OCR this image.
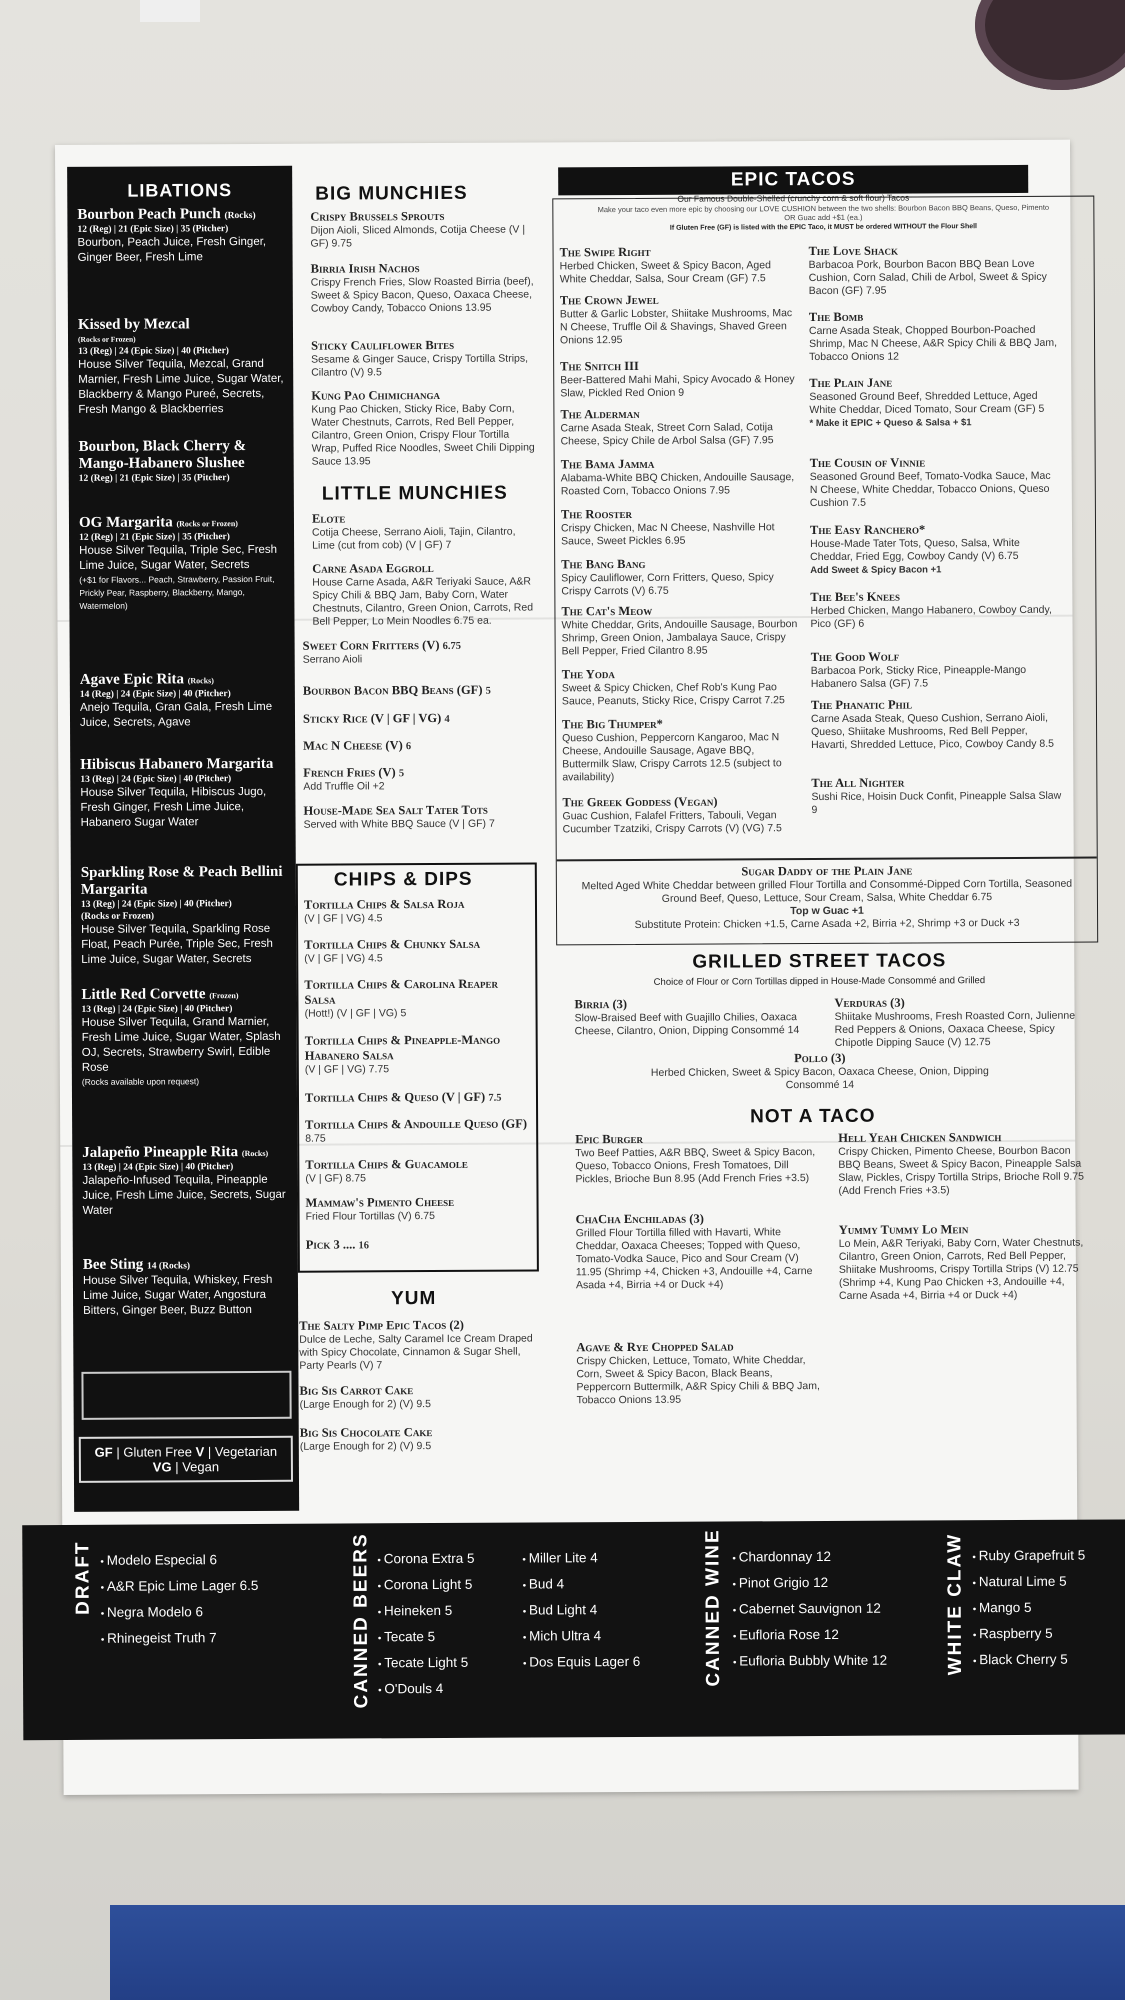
LIBATIONS
Bourbon Peach Punch (Rocks)
12 (Reg) | 21 (Epic Size) | 35 (Pitcher)
Bourbon, Peach Juice, Fresh Ginger, Ginger Beer, Fresh Lime
Kissed by Mezcal
(Rocks or Frozen)
13 (Reg) | 24 (Epic Size) | 40 (Pitcher)
House Silver Tequila, Mezcal, Grand Marnier, Fresh Lime Juice, Sugar Water, Blackberry & Mango Pureé, Secrets, Fresh Mango & Blackberries
Bourbon, Black Cherry & Mango-Habanero Slushee
12 (Reg) | 21 (Epic Size) | 35 (Pitcher)
OG Margarita (Rocks or Frozen)
12 (Reg) | 21 (Epic Size) | 35 (Pitcher)
House Silver Tequila, Triple Sec, Fresh Lime Juice, Sugar Water, Secrets
(+$1 for Flavors... Peach, Strawberry, Passion Fruit, Prickly Pear, Raspberry, Blackberry, Mango, Watermelon)
Agave Epic Rita (Rocks)
14 (Reg) | 24 (Epic Size) | 40 (Pitcher)
Anejo Tequila, Gran Gala, Fresh Lime Juice, Secrets, Agave
Hibiscus Habanero Margarita
13 (Reg) | 24 (Epic Size) | 40 (Pitcher)
House Silver Tequila, Hibiscus Jugo, Fresh Ginger, Fresh Lime Juice, Habanero Sugar Water
Sparkling Rose & Peach Bellini Margarita
13 (Reg) | 24 (Epic Size) | 40 (Pitcher)
(Rocks or Frozen)
House Silver Tequila, Sparkling Rose Float, Peach Purée, Triple Sec, Fresh Lime Juice, Sugar Water, Secrets
Little Red Corvette (Frozen)
13 (Reg) | 24 (Epic Size) | 40 (Pitcher)
House Silver Tequila, Grand Marnier, Fresh Lime Juice, Sugar Water, Splash OJ, Secrets, Strawberry Swirl, Edible Rose
(Rocks available upon request)
Jalapeño Pineapple Rita (Rocks)
13 (Reg) | 24 (Epic Size) | 40 (Pitcher)
Jalapeño-Infused Tequila, Pineapple Juice, Fresh Lime Juice, Secrets, Sugar Water
Bee Sting 14 (Rocks)
House Silver Tequila, Whiskey, Fresh Lime Juice, Sugar Water, Angostura Bitters, Ginger Beer, Buzz Button
GF | Gluten Free V | Vegetarian
VG | Vegan
BIG MUNCHIES
Crispy Brussels Sprouts
Dijon Aioli, Sliced Almonds, Cotija Cheese (V | GF) 9.75
Birria Irish Nachos
Crispy French Fries, Slow Roasted Birria (beef), Sweet & Spicy Bacon, Queso, Oaxaca Cheese, Cowboy Candy, Tobacco Onions 13.95
Sticky Cauliflower Bites
Sesame & Ginger Sauce, Crispy Tortilla Strips, Cilantro (V) 9.5
Kung Pao Chimichanga
Kung Pao Chicken, Sticky Rice, Baby Corn, Water Chestnuts, Carrots, Red Bell Pepper, Cilantro, Green Onion, Crispy Flour Tortilla Wrap, Puffed Rice Noodles, Sweet Chili Dipping Sauce 13.95
LITTLE MUNCHIES
Elote
Cotija Cheese, Serrano Aioli, Tajin, Cilantro, Lime (cut from cob) (V | GF) 7
Carne Asada Eggroll
House Carne Asada, A&R Teriyaki Sauce, A&R Spicy Chili & BBQ Jam, Baby Corn, Water Chestnuts, Cilantro, Green Onion, Carrots, Red Bell Pepper, Lo Mein Noodles 6.75 ea.
Sweet Corn Fritters (V) 6.75
Serrano Aioli
Bourbon Bacon BBQ Beans (GF) 5
Sticky Rice (V | GF | VG) 4
Mac N Cheese (V) 6
French Fries (V) 5
Add Truffle Oil +2
House-Made Sea Salt Tater Tots
Served with White BBQ Sauce (V | GF) 7
CHIPS & DIPS
Tortilla Chips & Salsa Roja
(V | GF | VG) 4.5
Tortilla Chips & Chunky Salsa
(V | GF | VG) 4.5
Tortilla Chips & Carolina Reaper Salsa
(Hott!) (V | GF | VG) 5
Tortilla Chips & Pineapple-Mango Habanero Salsa
(V | GF | VG) 7.75
Tortilla Chips & Queso (V | GF) 7.5
Tortilla Chips & Andouille Queso (GF)
8.75
Tortilla Chips & Guacamole
(V | GF) 8.75
Mammaw's Pimento Cheese
Fried Flour Tortillas (V) 6.75
Pick 3 .... 16
YUM
The Salty Pimp Epic Tacos (2)
Dulce de Leche, Salty Caramel Ice Cream Draped with Spicy Chocolate, Cinnamon & Sugar Shell, Party Pearls (V) 7
Big Sis Carrot Cake
(Large Enough for 2) (V) 9.5
Big Sis Chocolate Cake
(Large Enough for 2) (V) 9.5
EPIC TACOS
Our Famous Double-Shelled (crunchy corn & soft flour) Tacos
Make your taco even more epic by choosing our LOVE CUSHION between the two shells: Bourbon Bacon BBQ Beans, Queso, Pimento OR Guac add +$1 (ea.)
If Gluten Free (GF) is listed with the EPIC Taco, it MUST be ordered WITHOUT the Flour Shell
The Swipe Right
Herbed Chicken, Sweet & Spicy Bacon, Aged White Cheddar, Salsa, Sour Cream (GF) 7.5
The Crown Jewel
Butter & Garlic Lobster, Shiitake Mushrooms, Mac N Cheese, Truffle Oil & Shavings, Shaved Green Onions 12.95
The Snitch III
Beer-Battered Mahi Mahi, Spicy Avocado & Honey Slaw, Pickled Red Onion 9
The Alderman
Carne Asada Steak, Street Corn Salad, Cotija Cheese, Spicy Chile de Arbol Salsa (GF) 7.95
The Bama Jamma
Alabama-White BBQ Chicken, Andouille Sausage, Roasted Corn, Tobacco Onions 7.95
The Rooster
Crispy Chicken, Mac N Cheese, Nashville Hot Sauce, Sweet Pickles 6.95
The Bang Bang
Spicy Cauliflower, Corn Fritters, Queso, Spicy Crispy Carrots (V) 6.75
The Cat's Meow
White Cheddar, Grits, Andouille Sausage, Bourbon Shrimp, Green Onion, Jambalaya Sauce, Crispy Bell Pepper, Fried Cilantro 8.95
The Yoda
Sweet & Spicy Chicken, Chef Rob's Kung Pao Sauce, Peanuts, Sticky Rice, Crispy Carrot 7.25
The Big Thumper*
Queso Cushion, Peppercorn Kangaroo, Mac N Cheese, Andouille Sausage, Agave BBQ, Buttermilk Slaw, Crispy Carrots 12.5 (subject to availability)
The Greek Goddess (Vegan)
Guac Cushion, Falafel Fritters, Tabouli, Vegan Cucumber Tzatziki, Crispy Carrots (V) (VG) 7.5
The Love Shack
Barbacoa Pork, Bourbon Bacon BBQ Bean Love Cushion, Corn Salad, Chili de Arbol, Sweet & Spicy Bacon (GF) 7.95
The Bomb
Carne Asada Steak, Chopped Bourbon-Poached Shrimp, Mac N Cheese, A&R Spicy Chili & BBQ Jam, Tobacco Onions 12
The Plain Jane
Seasoned Ground Beef, Shredded Lettuce, Aged White Cheddar, Diced Tomato, Sour Cream (GF) 5
* Make it EPIC + Queso & Salsa + $1
The Cousin of Vinnie
Seasoned Ground Beef, Tomato-Vodka Sauce, Mac N Cheese, White Cheddar, Tobacco Onions, Queso Cushion 7.5
The Easy Ranchero*
House-Made Tater Tots, Queso, Salsa, White Cheddar, Fried Egg, Cowboy Candy (V) 6.75
Add Sweet & Spicy Bacon +1
The Bee's Knees
Herbed Chicken, Mango Habanero, Cowboy Candy, Pico (GF) 6
The Good Wolf
Barbacoa Pork, Sticky Rice, Pineapple-Mango Habanero Salsa (GF) 7.5
The Phanatic Phil
Carne Asada Steak, Queso Cushion, Serrano Aioli, Queso, Shiitake Mushrooms, Red Bell Pepper, Havarti, Shredded Lettuce, Pico, Cowboy Candy 8.5
The All Nighter
Sushi Rice, Hoisin Duck Confit, Pineapple Salsa Slaw 9
Sugar Daddy of the Plain Jane
Melted Aged White Cheddar between grilled Flour Tortilla and Consommé-Dipped Corn Tortilla, Seasoned Ground Beef, Queso, Lettuce, Sour Cream, Salsa, White Cheddar 6.75
Top w Guac +1
Substitute Protein: Chicken +1.5, Carne Asada +2, Birria +2, Shrimp +3 or Duck +3
GRILLED STREET TACOS
Choice of Flour or Corn Tortillas dipped in House-Made Consommé and Grilled
Birria (3)
Slow-Braised Beef with Guajillo Chilies, Oaxaca Cheese, Cilantro, Onion, Dipping Consommé 14
Verduras (3)
Shiitake Mushrooms, Fresh Roasted Corn, Julienne Red Peppers & Onions, Oaxaca Cheese, Spicy Chipotle Dipping Sauce (V) 12.75
Pollo (3)
Herbed Chicken, Sweet & Spicy Bacon, Oaxaca Cheese, Onion, Dipping Consommé 14
NOT A TACO
Epic Burger
Two Beef Patties, A&R BBQ, Sweet & Spicy Bacon, Queso, Tobacco Onions, Fresh Tomatoes, Dill Pickles, Brioche Bun 8.95 (Add French Fries +3.5)
ChaCha Enchiladas (3)
Grilled Flour Tortilla filled with Havarti, White Cheddar, Oaxaca Cheeses; Topped with Queso, Tomato-Vodka Sauce, Pico and Sour Cream (V) 11.95 (Shrimp +4, Chicken +3, Andouille +4, Carne Asada +4, Birria +4 or Duck +4)
Agave & Rye Chopped Salad
Crispy Chicken, Lettuce, Tomato, White Cheddar, Corn, Sweet & Spicy Bacon, Black Beans, Peppercorn Buttermilk, A&R Spicy Chili & BBQ Jam, Tobacco Onions 13.95
Hell Yeah Chicken Sandwich
Crispy Chicken, Pimento Cheese, Bourbon Bacon BBQ Beans, Sweet & Spicy Bacon, Pineapple Salsa Slaw, Pickles, Crispy Tortilla Strips, Brioche Roll 9.75 (Add French Fries +3.5)
Yummy Tummy Lo Mein
Lo Mein, A&R Teriyaki, Baby Corn, Water Chestnuts, Cilantro, Green Onion, Carrots, Red Bell Pepper, Shiitake Mushrooms, Crispy Tortilla Strips (V) 12.75 (Shrimp +4, Kung Pao Chicken +3, Andouille +4, Carne Asada +4, Birria +4 or Duck +4)
DRAFT • Modelo Especial 6
• A&R Epic Lime Lager 6.5
• Negra Modelo 6
• Rhinegeist Truth 7	CANNED BEERS • Corona Extra 5
• Corona Light 5
• Heineken 5
• Tecate 5
• Tecate Light 5
• O'Douls 4
• Miller Lite 4
• Bud 4
• Bud Light 4
• Mich Ultra 4
• Dos Equis Lager 6	CANNED WINE	• Chardonnay 12
• Pinot Grigio 12
• Cabernet Sauvignon 12
• Eufloria Rose 12
• Eufloria Bubbly White 12	WHITE CLAW • Ruby Grapefruit 5
• Natural Lime 5
• Mango 5
• Raspberry 5
• Black Cherry 5
